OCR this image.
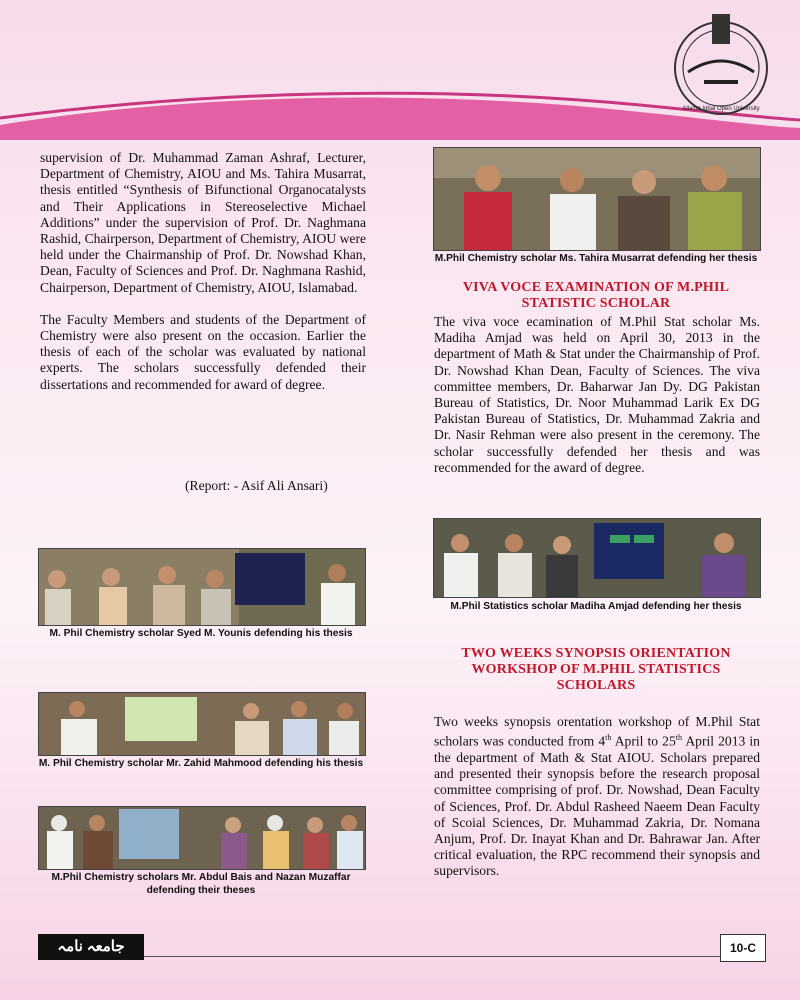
Allama Iqbal Open University

supervision of Dr. Muhammad Zaman Ashraf, Lecturer, Department of Chemistry, AIOU and Ms. Tahira Musarrat, thesis entitled “Synthesis of Bifunctional Organocatalysts and Their Applications in Stereoselective Michael Additions” under the supervision of Prof. Dr. Naghmana Rashid, Chairperson, Department of Chemistry, AIOU were held under the Chairmanship of Prof. Dr. Nowshad Khan, Dean, Faculty of Sciences and Prof. Dr. Naghmana Rashid, Chairperson, Department of Chemistry, AIOU, Islamabad.

The Faculty Members and students of the Department of Chemistry were also present on the occasion. Earlier the thesis of each of the scholar was evaluated by national experts. The scholars successfully defended their dissertations and recommended for award of degree.

(Report: - Asif Ali Ansari)
M. Phil Chemistry scholar Syed M. Younis defending his thesis
M. Phil Chemistry scholar Mr. Zahid Mahmood defending his thesis
M.Phil Chemistry scholars Mr. Abdul Bais and Nazan Muzaffar defending their theses
M.Phil Chemistry scholar Ms. Tahira Musarrat defending her thesis
VIVA VOCE EXAMINATION OF M.PHIL STATISTIC SCHOLAR
The viva voce ecamination of M.Phil Stat scholar Ms. Madiha Amjad was held on April 30, 2013 in the department of Math & Stat under the Chairmanship of Prof. Dr. Nowshad Khan Dean, Faculty of Sciences. The viva committee members, Dr. Baharwar Jan Dy. DG Pakistan Bureau of Statistics, Dr. Noor Muhammad Larik Ex DG Pakistan Bureau of Statistics, Dr. Muhammad Zakria and Dr. Nasir Rehman were also present in the ceremony. The scholar successfully defended her thesis and was recommended for the award of degree.
M.Phil Statistics scholar Madiha Amjad defending her thesis
TWO WEEKS SYNOPSIS ORIENTATION WORKSHOP OF M.PHIL STATISTICS SCHOLARS
Two weeks synopsis orentation workshop of M.Phil Stat scholars was conducted from 4th April to 25th April 2013 in the department of Math & Stat AIOU. Scholars prepared and presented their synopsis before the research proposal committee comprising of prof. Dr. Nowshad, Dean Faculty of Sciences, Prof. Dr. Abdul Rasheed Naeem Dean Faculty of Scoial Sciences, Dr. Muhammad Zakria, Dr. Nomana Anjum, Prof. Dr. Inayat Khan and Dr. Bahrawar Jan. After critical evaluation, the RPC recommend their synopsis and supervisors.
جامعہ نامہ	10-C
